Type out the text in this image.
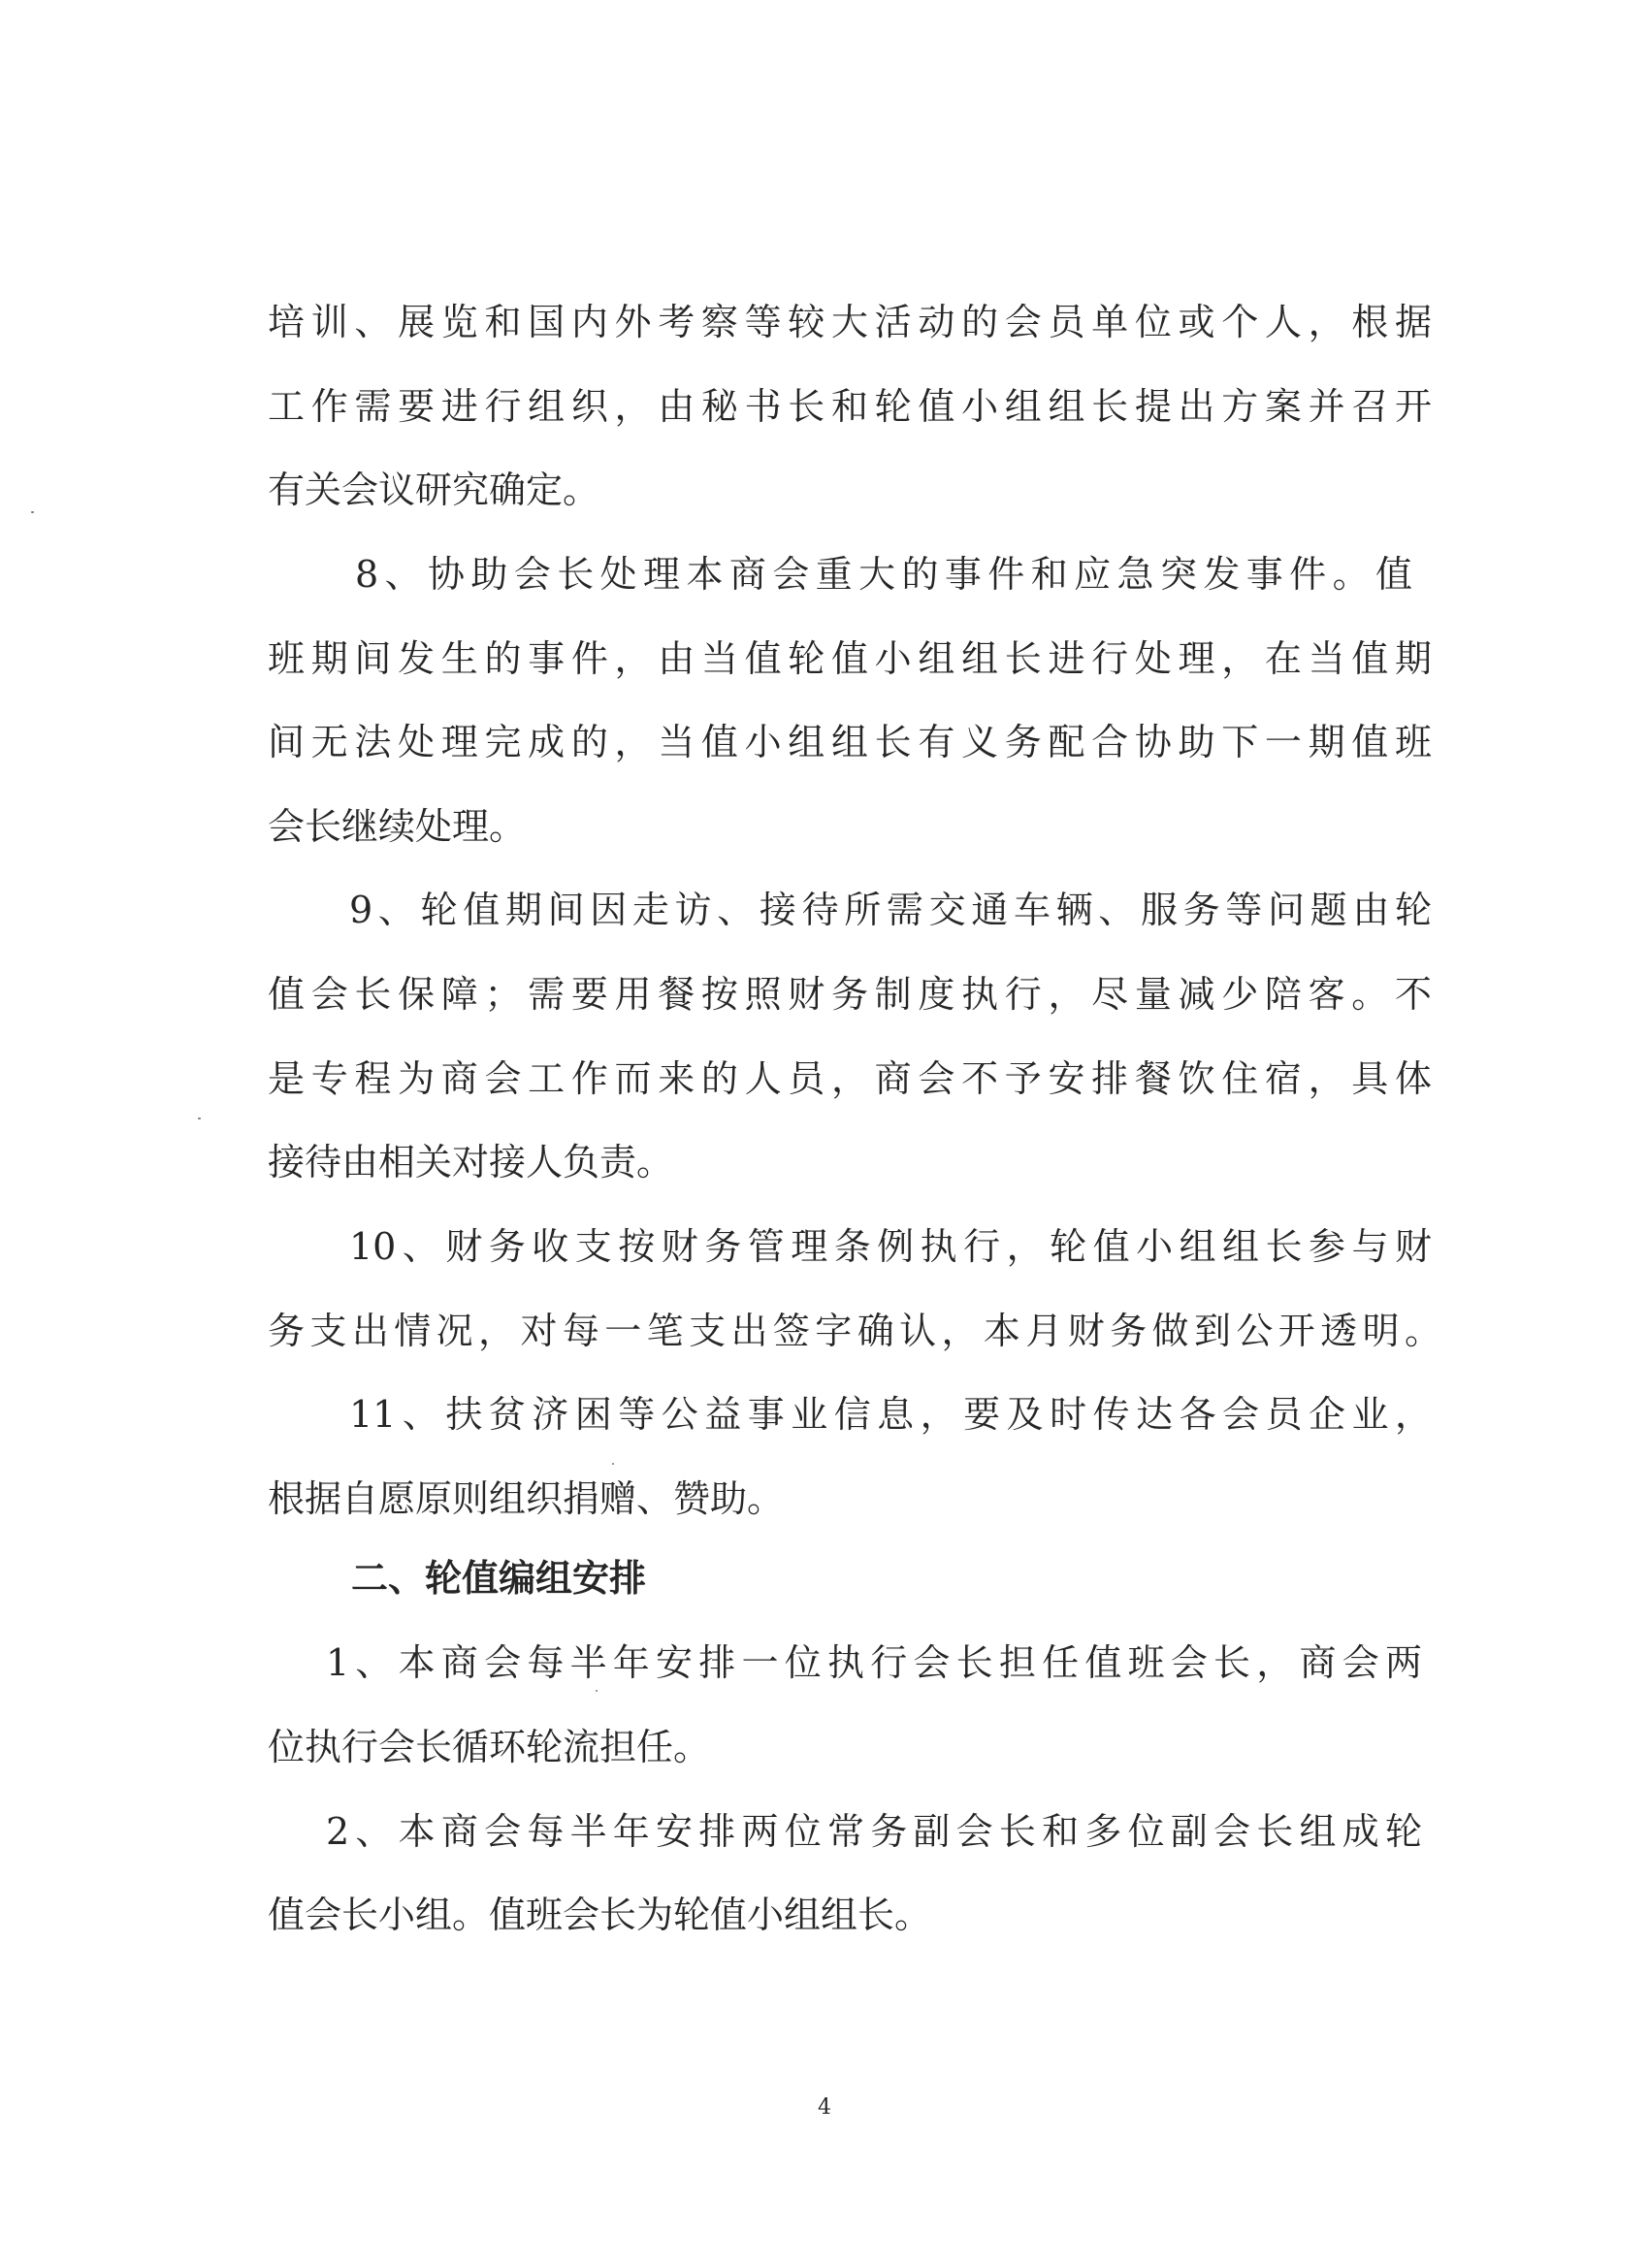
培训、展览和国内外考察等较大活动的会员单位或个人，根据
工作需要进行组织，由秘书长和轮值小组组长提出方案并召开
有关会议研究确定。
8、协助会长处理本商会重大的事件和应急突发事件。值
班期间发生的事件，由当值轮值小组组长进行处理，在当值期
间无法处理完成的，当值小组组长有义务配合协助下一期值班
会长继续处理。
9、轮值期间因走访、接待所需交通车辆、服务等问题由轮
值会长保障；需要用餐按照财务制度执行，尽量减少陪客。不
是专程为商会工作而来的人员，商会不予安排餐饮住宿，具体
接待由相关对接人负责。
10、财务收支按财务管理条例执行，轮值小组组长参与财
务支出情况，对每一笔支出签字确认，本月财务做到公开透明。
11、扶贫济困等公益事业信息，要及时传达各会员企业，
根据自愿原则组织捐赠、赞助。
二、轮值编组安排
1、本商会每半年安排一位执行会长担任值班会长，商会两
位执行会长循环轮流担任。
2、本商会每半年安排两位常务副会长和多位副会长组成轮
值会长小组。值班会长为轮值小组组长。
4
